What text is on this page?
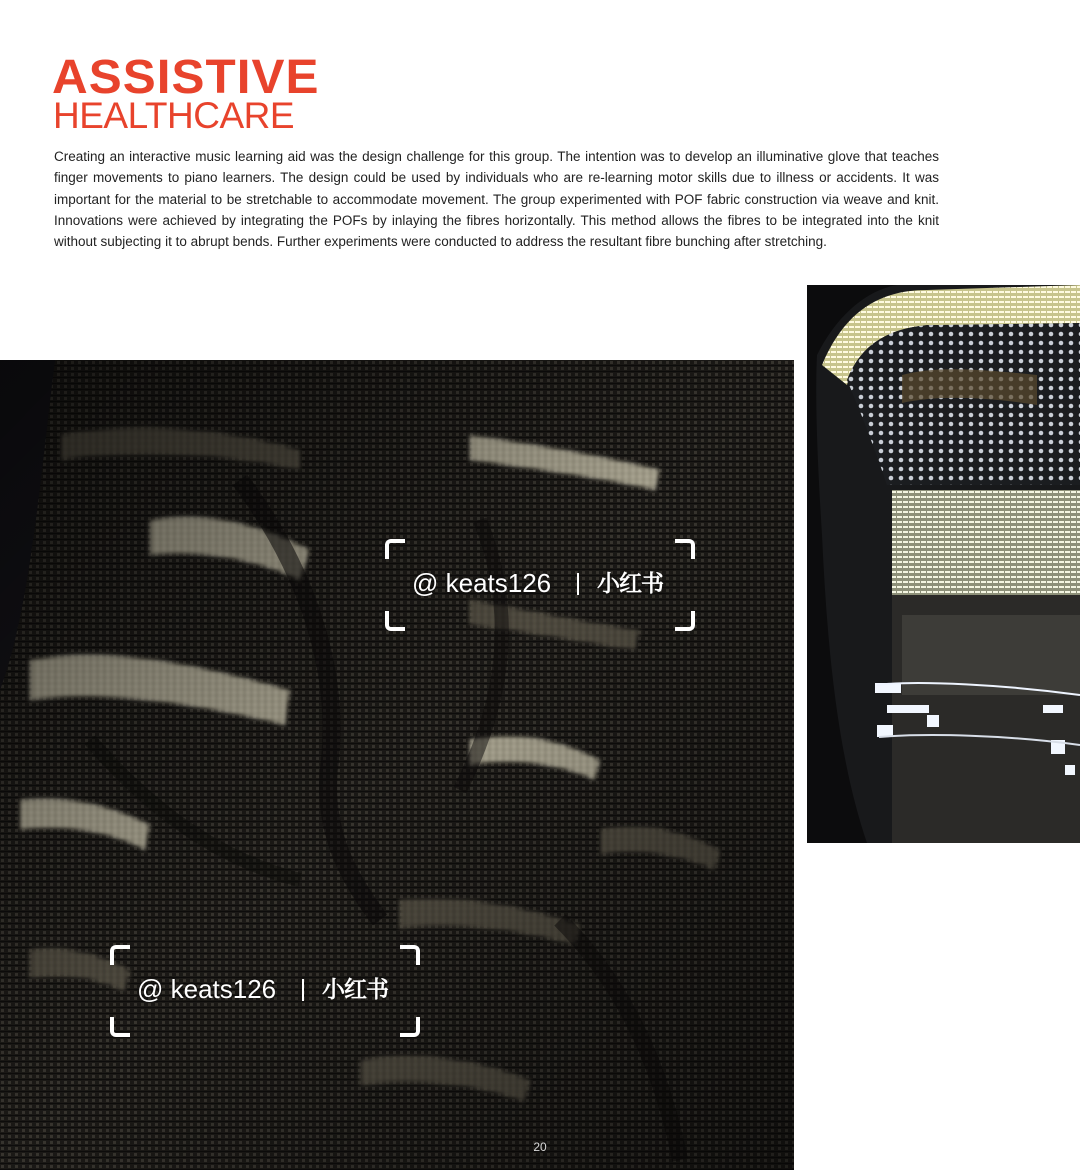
ASSISTIVE
HEALTHCARE

Creating an interactive music learning aid was the design challenge for this group. The intention was to develop an illuminative glove that teaches finger movements to piano learners. The design could be used by individuals who are re-learning motor skills due to illness or accidents. It was important for the material to be stretchable to accommodate movement. The group experimented with POF fabric construction via weave and knit. Innovations were achieved by integrating the POFs by inlaying the fibres horizontally. This method allows the fibres to be integrated into the knit without subjecting it to abrupt bends. Further experiments were conducted to address the resultant fibre bunching after stretching.

@ keats126 小红书
@ keats126 小红书
20
